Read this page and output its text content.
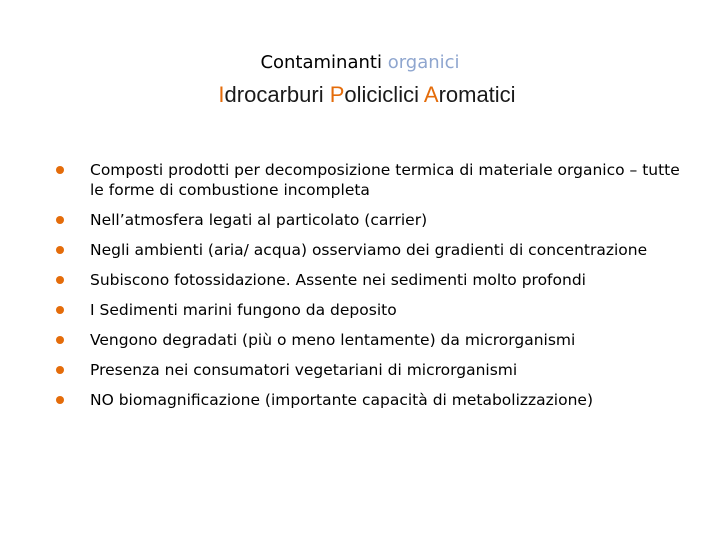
Contaminanti organici
Idrocarburi Policiclici Aromatici
Composti prodotti per decomposizione termica di materiale organico – tutte le forme di combustione incompleta
Nell’atmosfera legati al particolato (carrier)
Negli ambienti (aria/ acqua) osserviamo dei gradienti di concentrazione
Subiscono fotossidazione. Assente nei sedimenti molto profondi
I Sedimenti marini fungono da deposito
Vengono degradati (più o meno lentamente) da microrganismi
Presenza nei consumatori vegetariani di microrganismi
NO biomagnificazione (importante capacità di metabolizzazione)
